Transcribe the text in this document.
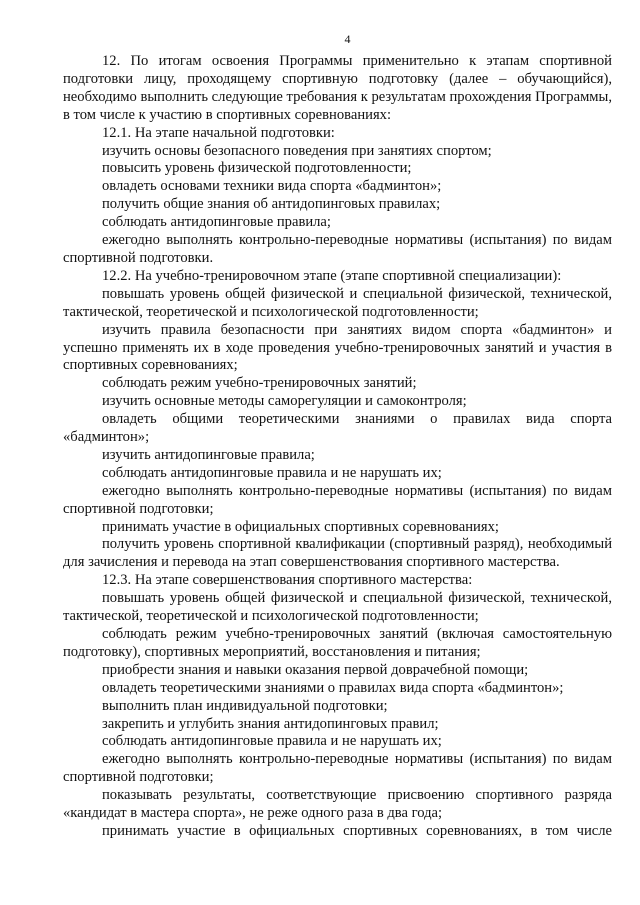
4

12. По итогам освоения Программы применительно к этапам спортивной подготовки лицу, проходящему спортивную подготовку (далее – обучающийся), необходимо выполнить следующие требования к результатам прохождения Программы, в том числе к участию в спортивных соревнованиях:

12.1. На этапе начальной подготовки:

изучить основы безопасного поведения при занятиях спортом;

повысить уровень физической подготовленности;

овладеть основами техники вида спорта «бадминтон»;

получить общие знания об антидопинговых правилах;

соблюдать антидопинговые правила;

ежегодно выполнять контрольно-переводные нормативы (испытания) по видам спортивной подготовки.

12.2. На учебно-тренировочном этапе (этапе спортивной специализации):

повышать уровень общей физической и специальной физической, технической, тактической, теоретической и психологической подготовленности;

изучить правила безопасности при занятиях видом спорта «бадминтон» и успешно применять их в ходе проведения учебно-тренировочных занятий и участия в спортивных соревнованиях;

соблюдать режим учебно-тренировочных занятий;

изучить основные методы саморегуляции и самоконтроля;

овладеть общими теоретическими знаниями о правилах вида спорта «бадминтон»;

изучить антидопинговые правила;

соблюдать антидопинговые правила и не нарушать их;

ежегодно выполнять контрольно-переводные нормативы (испытания) по видам спортивной подготовки;

принимать участие в официальных спортивных соревнованиях;

получить уровень спортивной квалификации (спортивный разряд), необходимый для зачисления и перевода на этап совершенствования спортивного мастерства.

12.3. На этапе совершенствования спортивного мастерства:

повышать уровень общей физической и специальной физической, технической, тактической, теоретической и психологической подготовленности;

соблюдать режим учебно-тренировочных занятий (включая самостоятельную подготовку), спортивных мероприятий, восстановления и питания;

приобрести знания и навыки оказания первой доврачебной помощи;

овладеть теоретическими знаниями о правилах вида спорта «бадминтон»;

выполнить план индивидуальной подготовки;

закрепить и углубить знания антидопинговых правил;

соблюдать антидопинговые правила и не нарушать их;

ежегодно выполнять контрольно-переводные нормативы (испытания) по видам спортивной подготовки;

показывать результаты, соответствующие присвоению спортивного разряда «кандидат в мастера спорта», не реже одного раза в два года;

принимать участие в официальных спортивных соревнованиях, в том числе
